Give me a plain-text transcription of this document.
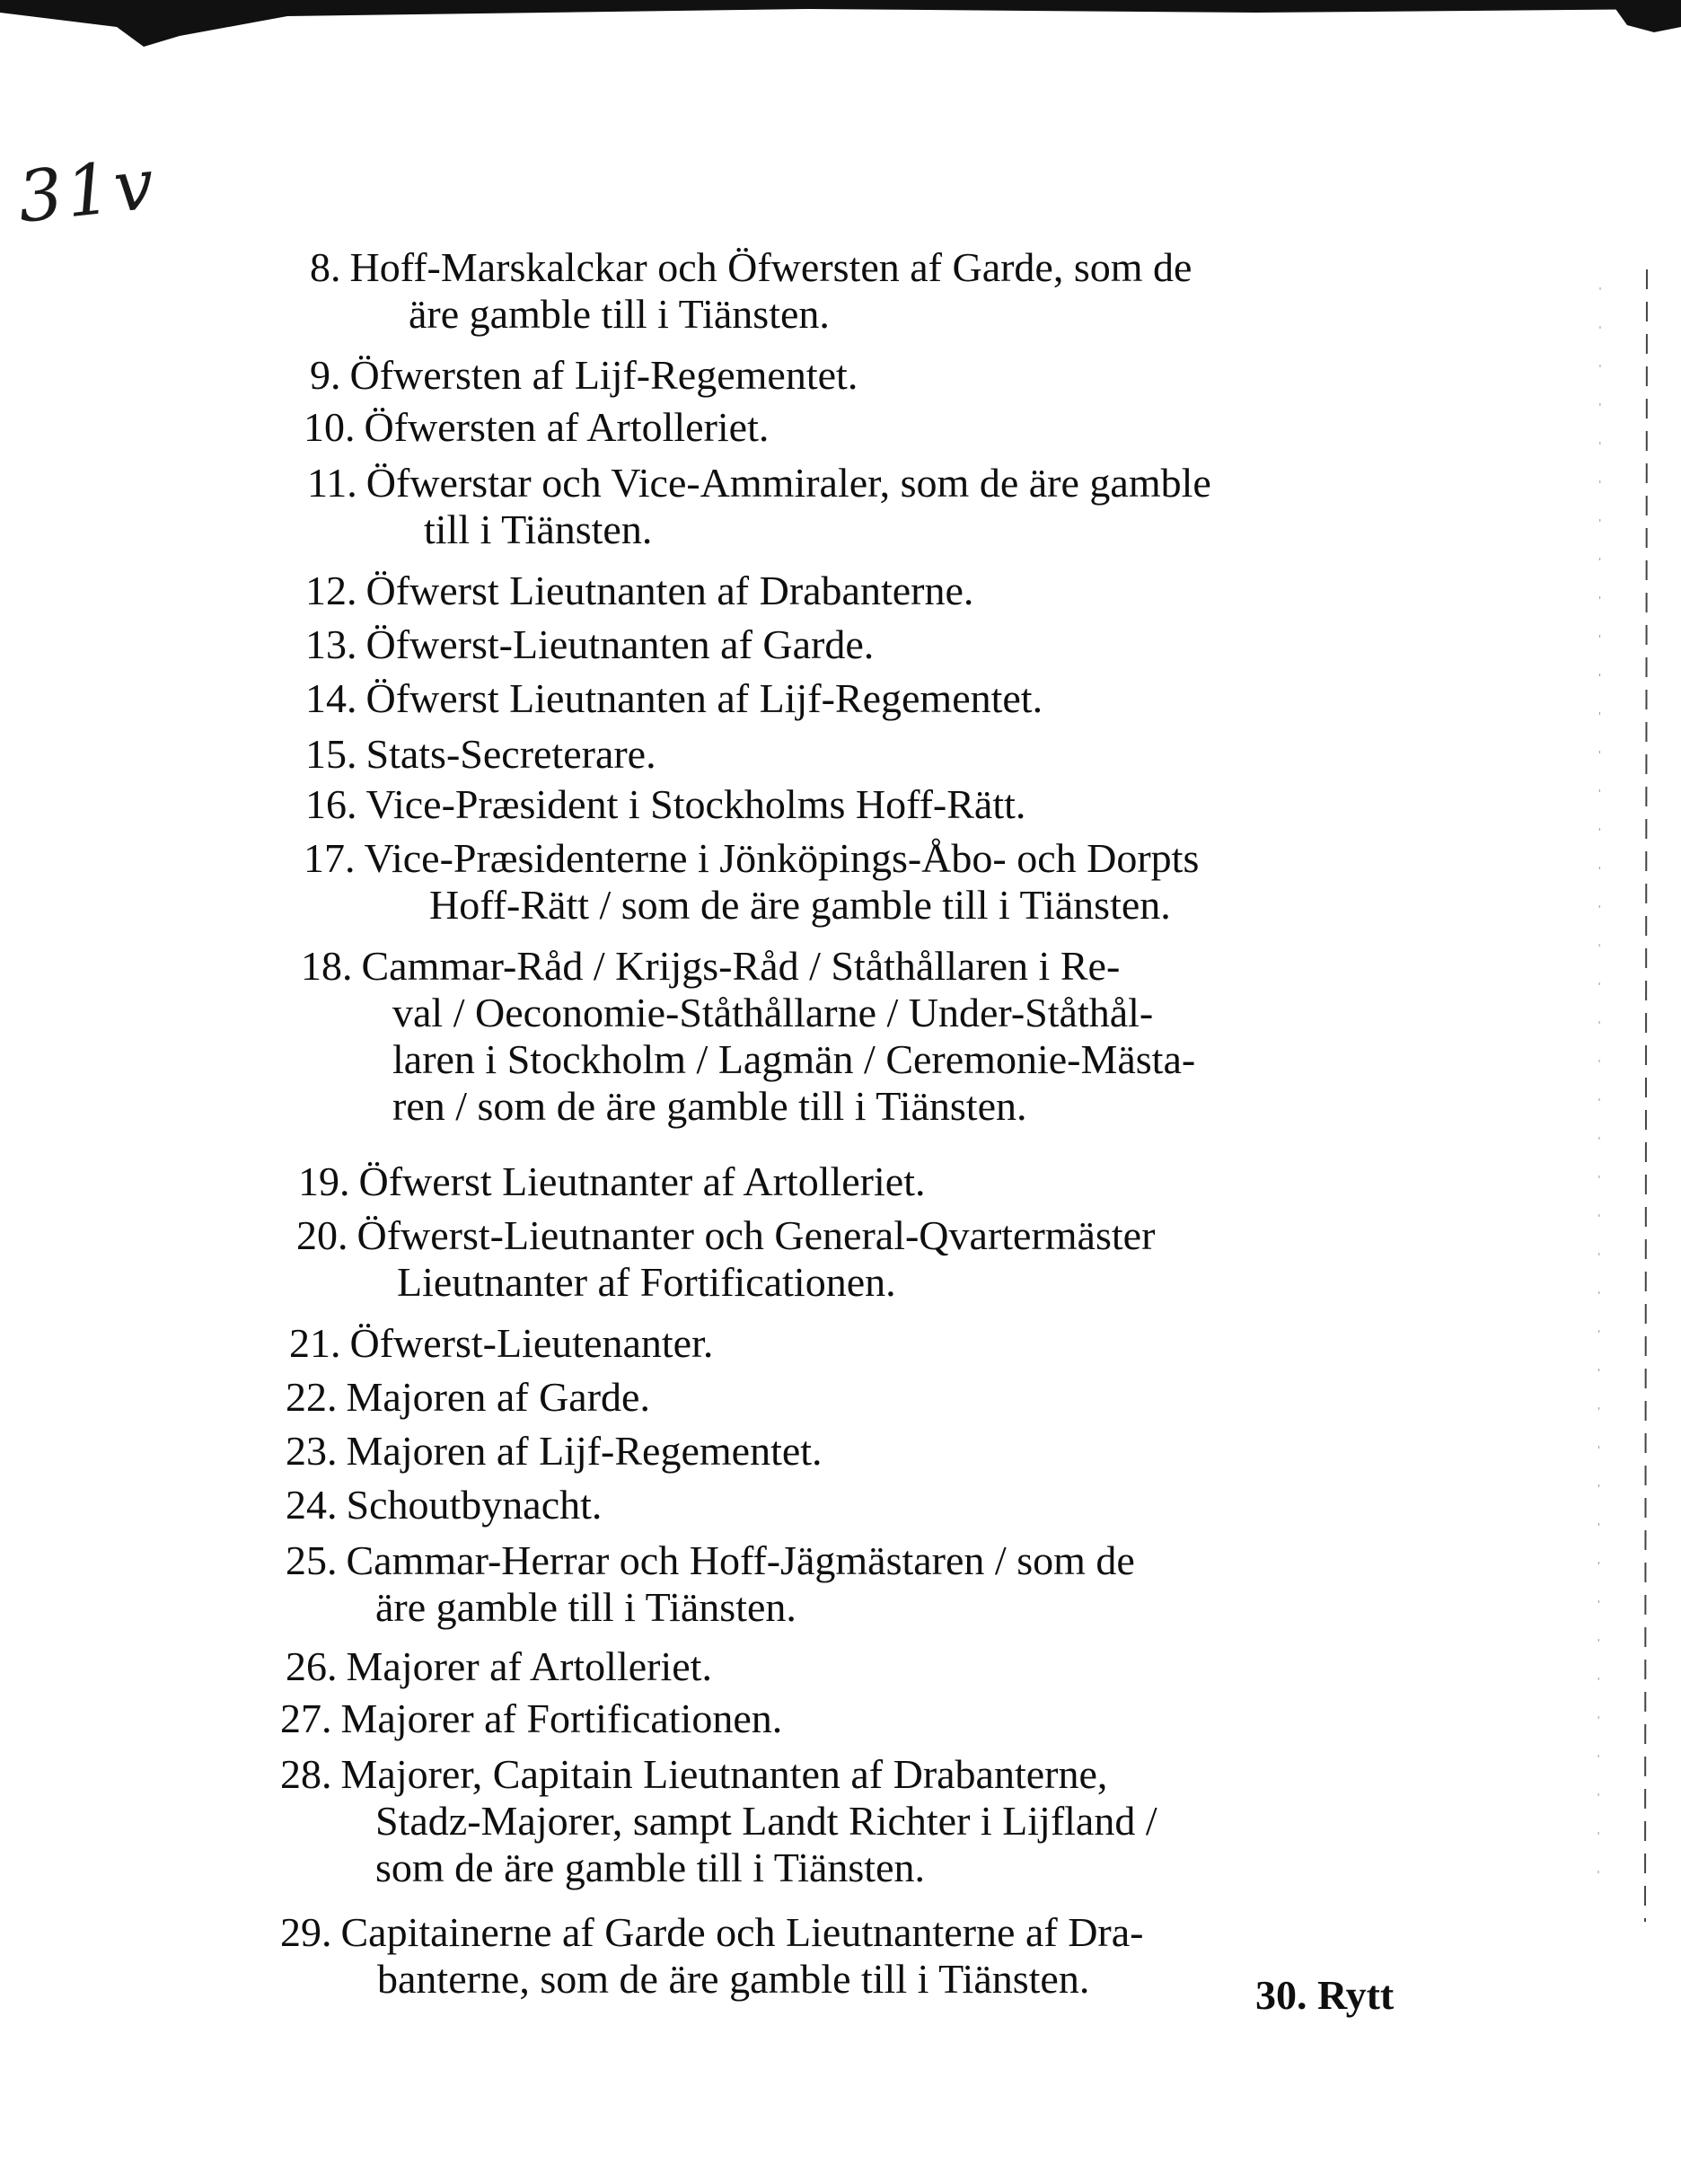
31v
8. Hoff-Marskalckar och Öfwersten af Garde, som de
äre gamble till i Tiänsten.
9. Öfwersten af Lijf-Regementet.
10. Öfwersten af Artolleriet.
11. Öfwerstar och Vice-Ammiraler, som de äre gamble
till i Tiänsten.
12. Öfwerst Lieutnanten af Drabanterne.
13. Öfwerst-Lieutnanten af Garde.
14. Öfwerst Lieutnanten af Lijf-Regementet.
15. Stats-Secreterare.
16. Vice-Præsident i Stockholms Hoff-Rätt.
17. Vice-Præsidenterne i Jönköpings-Åbo- och Dorpts
Hoff-Rätt / som de äre gamble till i Tiänsten.
18. Cammar-Råd / Krijgs-Råd / Ståthållaren i Re-
val / Oeconomie-Ståthållarne / Under-Ståthål-
laren i Stockholm / Lagmän / Ceremonie-Mästa-
ren / som de äre gamble till i Tiänsten.
19. Öfwerst Lieutnanter af Artolleriet.
20. Öfwerst-Lieutnanter och General-Qvartermäster
Lieutnanter af Fortificationen.
21. Öfwerst-Lieutenanter.
22. Majoren af Garde.
23. Majoren af Lijf-Regementet.
24. Schoutbynacht.
25. Cammar-Herrar och Hoff-Jägmästaren / som de
äre gamble till i Tiänsten.
26. Majorer af Artolleriet.
27. Majorer af Fortificationen.
28. Majorer, Capitain Lieutnanten af Drabanterne,
Stadz-Majorer, sampt Landt Richter i Lijfland /
som de äre gamble till i Tiänsten.
29. Capitainerne af Garde och Lieutnanterne af Dra-
banterne, som de äre gamble till i Tiänsten.	30. Rytt
